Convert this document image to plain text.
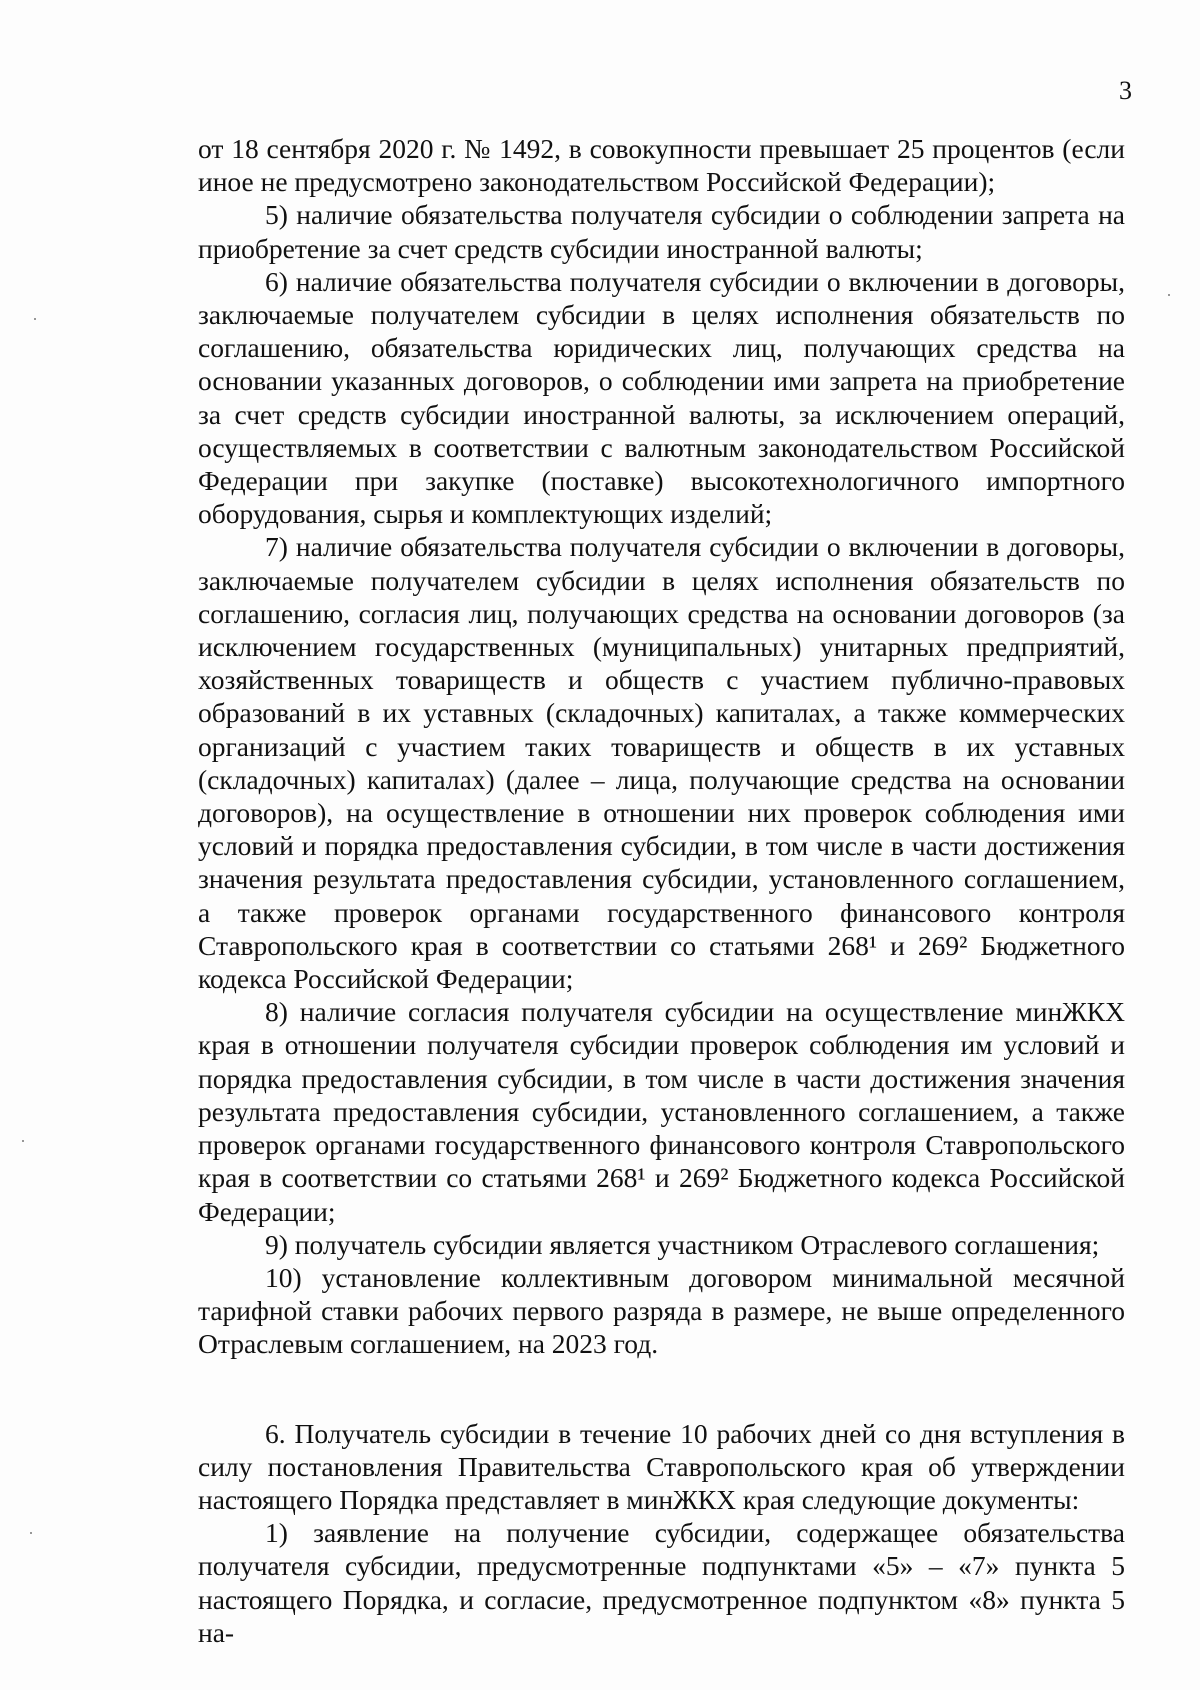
3

от 18 сентября 2020 г. № 1492, в совокупности превышает 25 процентов (если иное не предусмотрено законодательством Российской Федерации);

5) наличие обязательства получателя субсидии о соблюдении запрета на приобретение за счет средств субсидии иностранной валюты;

6) наличие обязательства получателя субсидии о включении в договоры, заключаемые получателем субсидии в целях исполнения обязательств по соглашению, обязательства юридических лиц, получающих средства на основании указанных договоров, о соблюдении ими запрета на приобретение за счет средств субсидии иностранной валюты, за исключением операций, осуществляемых в соответствии с валютным законодательством Российской Федерации при закупке (поставке) высокотехнологичного импортного оборудования, сырья и комплектующих изделий;

7) наличие обязательства получателя субсидии о включении в договоры, заключаемые получателем субсидии в целях исполнения обязательств по соглашению, согласия лиц, получающих средства на основании договоров (за исключением государственных (муниципальных) унитарных предприятий, хозяйственных товариществ и обществ с участием публично-правовых образований в их уставных (складочных) капиталах, а также коммерческих организаций с участием таких товариществ и обществ в их уставных (складочных) капиталах) (далее – лица, получающие средства на основании договоров), на осуществление в отношении них проверок соблюдения ими условий и порядка предоставления субсидии, в том числе в части достижения значения результата предоставления субсидии, установленного соглашением, а также проверок органами государственного финансового контроля Ставропольского края в соответствии со статьями 268¹ и 269² Бюджетного кодекса Российской Федерации;

8) наличие согласия получателя субсидии на осуществление минЖКХ края в отношении получателя субсидии проверок соблюдения им условий и порядка предоставления субсидии, в том числе в части достижения значения результата предоставления субсидии, установленного соглашением, а также проверок органами государственного финансового контроля Ставропольского края в соответствии со статьями 268¹ и 269² Бюджетного кодекса Российской Федерации;

9) получатель субсидии является участником Отраслевого соглашения;

10) установление коллективным договором минимальной месячной тарифной ставки рабочих первого разряда в размере, не выше определенного Отраслевым соглашением, на 2023 год.

6. Получатель субсидии в течение 10 рабочих дней со дня вступления в силу постановления Правительства Ставропольского края об утверждении настоящего Порядка представляет в минЖКХ края следующие документы:

1) заявление на получение субсидии, содержащее обязательства получателя субсидии, предусмотренные подпунктами «5» – «7» пункта 5 настоящего Порядка, и согласие, предусмотренное подпунктом «8» пункта 5 на-
